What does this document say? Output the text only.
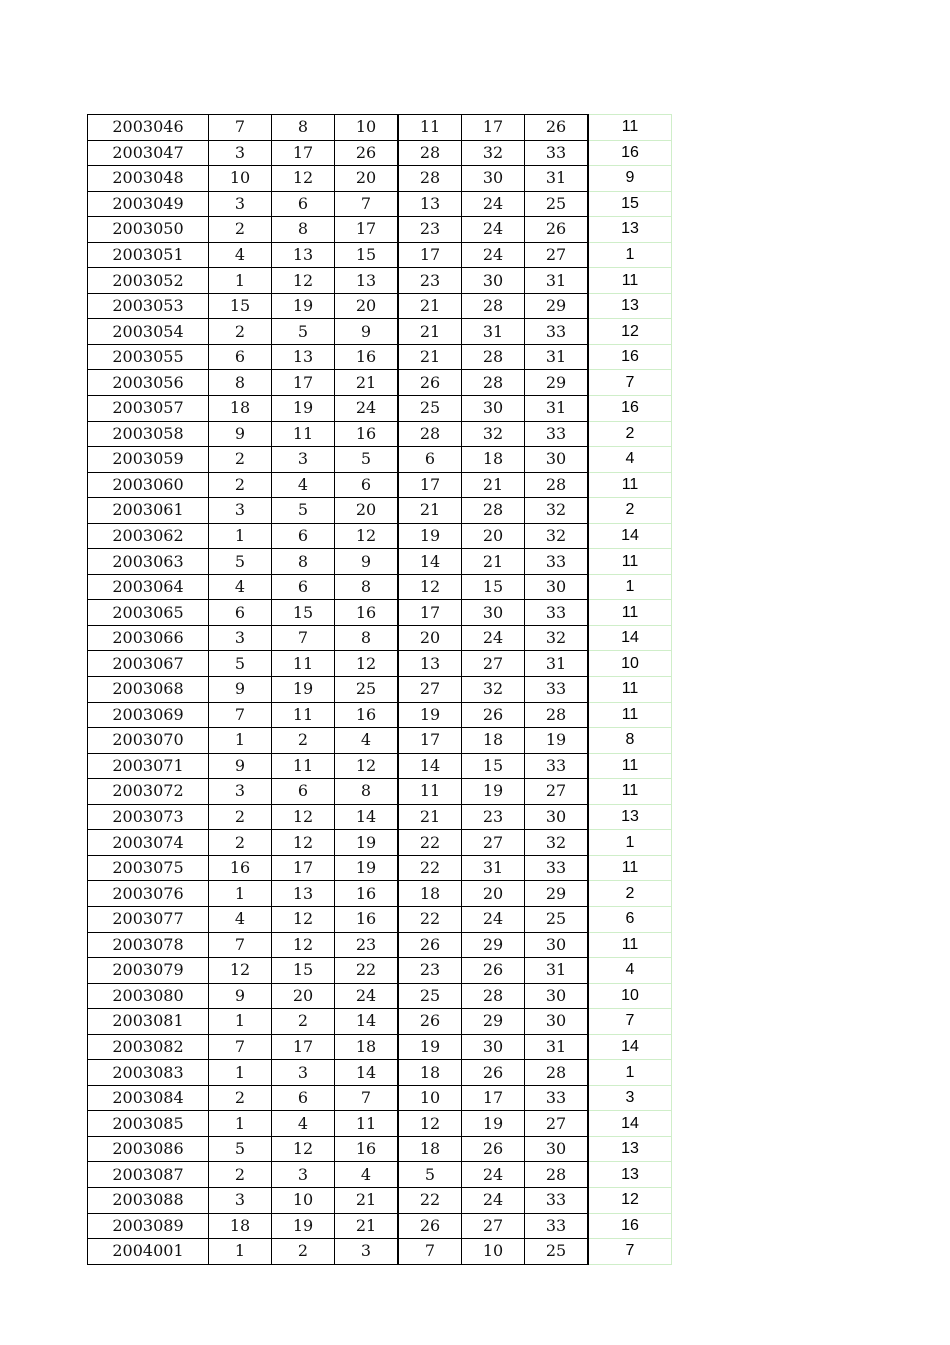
2003046	7	8	10	11	17	26	11
2003047	3	17	26	28	32	33	16
2003048	10	12	20	28	30	31	9
2003049	3	6	7	13	24	25	15
2003050	2	8	17	23	24	26	13
2003051	4	13	15	17	24	27	1
2003052	1	12	13	23	30	31	11
2003053	15	19	20	21	28	29	13
2003054	2	5	9	21	31	33	12
2003055	6	13	16	21	28	31	16
2003056	8	17	21	26	28	29	7
2003057	18	19	24	25	30	31	16
2003058	9	11	16	28	32	33	2
2003059	2	3	5	6	18	30	4
2003060	2	4	6	17	21	28	11
2003061	3	5	20	21	28	32	2
2003062	1	6	12	19	20	32	14
2003063	5	8	9	14	21	33	11
2003064	4	6	8	12	15	30	1
2003065	6	15	16	17	30	33	11
2003066	3	7	8	20	24	32	14
2003067	5	11	12	13	27	31	10
2003068	9	19	25	27	32	33	11
2003069	7	11	16	19	26	28	11
2003070	1	2	4	17	18	19	8
2003071	9	11	12	14	15	33	11
2003072	3	6	8	11	19	27	11
2003073	2	12	14	21	23	30	13
2003074	2	12	19	22	27	32	1
2003075	16	17	19	22	31	33	11
2003076	1	13	16	18	20	29	2
2003077	4	12	16	22	24	25	6
2003078	7	12	23	26	29	30	11
2003079	12	15	22	23	26	31	4
2003080	9	20	24	25	28	30	10
2003081	1	2	14	26	29	30	7
2003082	7	17	18	19	30	31	14
2003083	1	3	14	18	26	28	1
2003084	2	6	7	10	17	33	3
2003085	1	4	11	12	19	27	14
2003086	5	12	16	18	26	30	13
2003087	2	3	4	5	24	28	13
2003088	3	10	21	22	24	33	12
2003089	18	19	21	26	27	33	16
2004001	1	2	3	7	10	25	7
